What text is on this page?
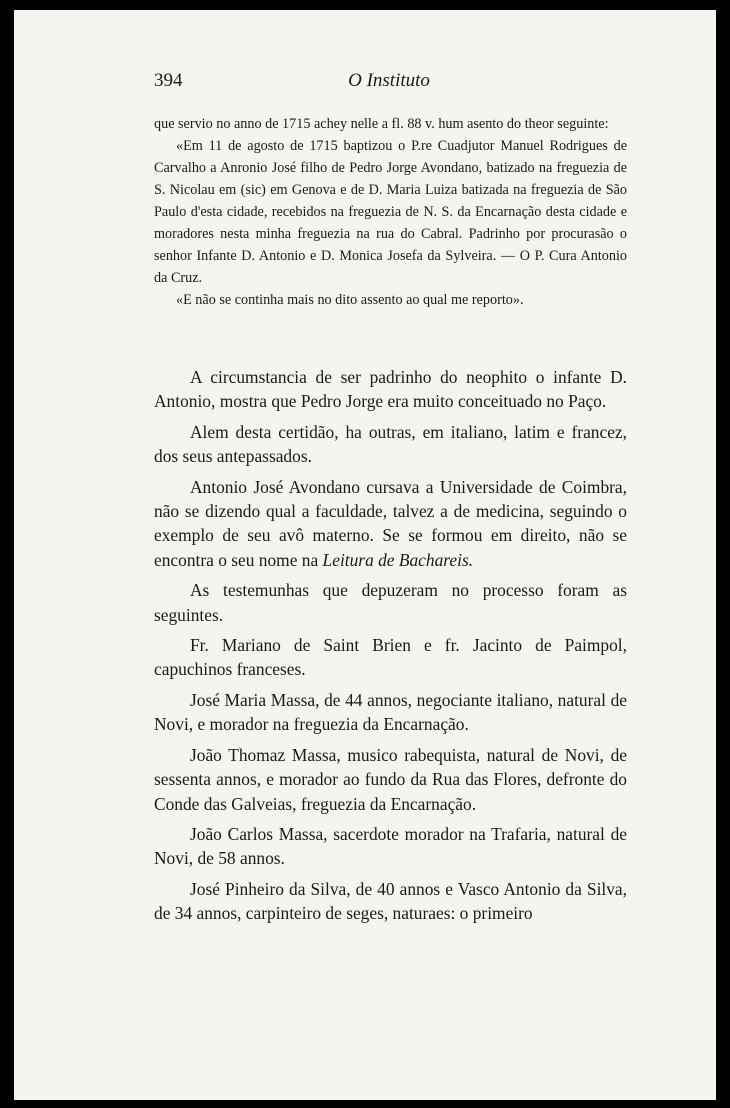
394	O Instituto

que servio no anno de 1715 achey nelle a fl. 88 v. hum asento do theor seguinte:

«Em 11 de agosto de 1715 baptizou o P.re Cuadjutor Manuel Rodrigues de Carvalho a Anronio José filho de Pedro Jorge Avondano, batizado na freguezia de S. Nicolau em (sic) em Genova e de D. Maria Luiza batizada na freguezia de São Paulo d'esta cidade, recebidos na freguezia de N. S. da Encarnação desta cidade e moradores nesta minha freguezia na rua do Cabral. Padrinho por procurasão o senhor Infante D. Antonio e D. Monica Josefa da Sylveira. — O P. Cura Antonio da Cruz.

«E não se continha mais no dito assento ao qual me reporto».

A circumstancia de ser padrinho do neophito o infante D. Antonio, mostra que Pedro Jorge era muito conceituado no Paço.

Alem desta certidão, ha outras, em italiano, latim e francez, dos seus antepassados.

Antonio José Avondano cursava a Universidade de Coimbra, não se dizendo qual a faculdade, talvez a de medicina, seguindo o exemplo de seu avô materno. Se se formou em direito, não se encontra o seu nome na Leitura de Bachareis.

As testemunhas que depuzeram no processo foram as seguintes.

Fr. Mariano de Saint Brien e fr. Jacinto de Paimpol, capuchinos franceses.

José Maria Massa, de 44 annos, negociante italiano, natural de Novi, e morador na freguezia da Encarnação.

João Thomaz Massa, musico rabequista, natural de Novi, de sessenta annos, e morador ao fundo da Rua das Flores, defronte do Conde das Galveias, freguezia da Encarnação.

João Carlos Massa, sacerdote morador na Trafaria, natural de Novi, de 58 annos.

José Pinheiro da Silva, de 40 annos e Vasco Antonio da Silva, de 34 annos, carpinteiro de seges, naturaes: o primeiro
